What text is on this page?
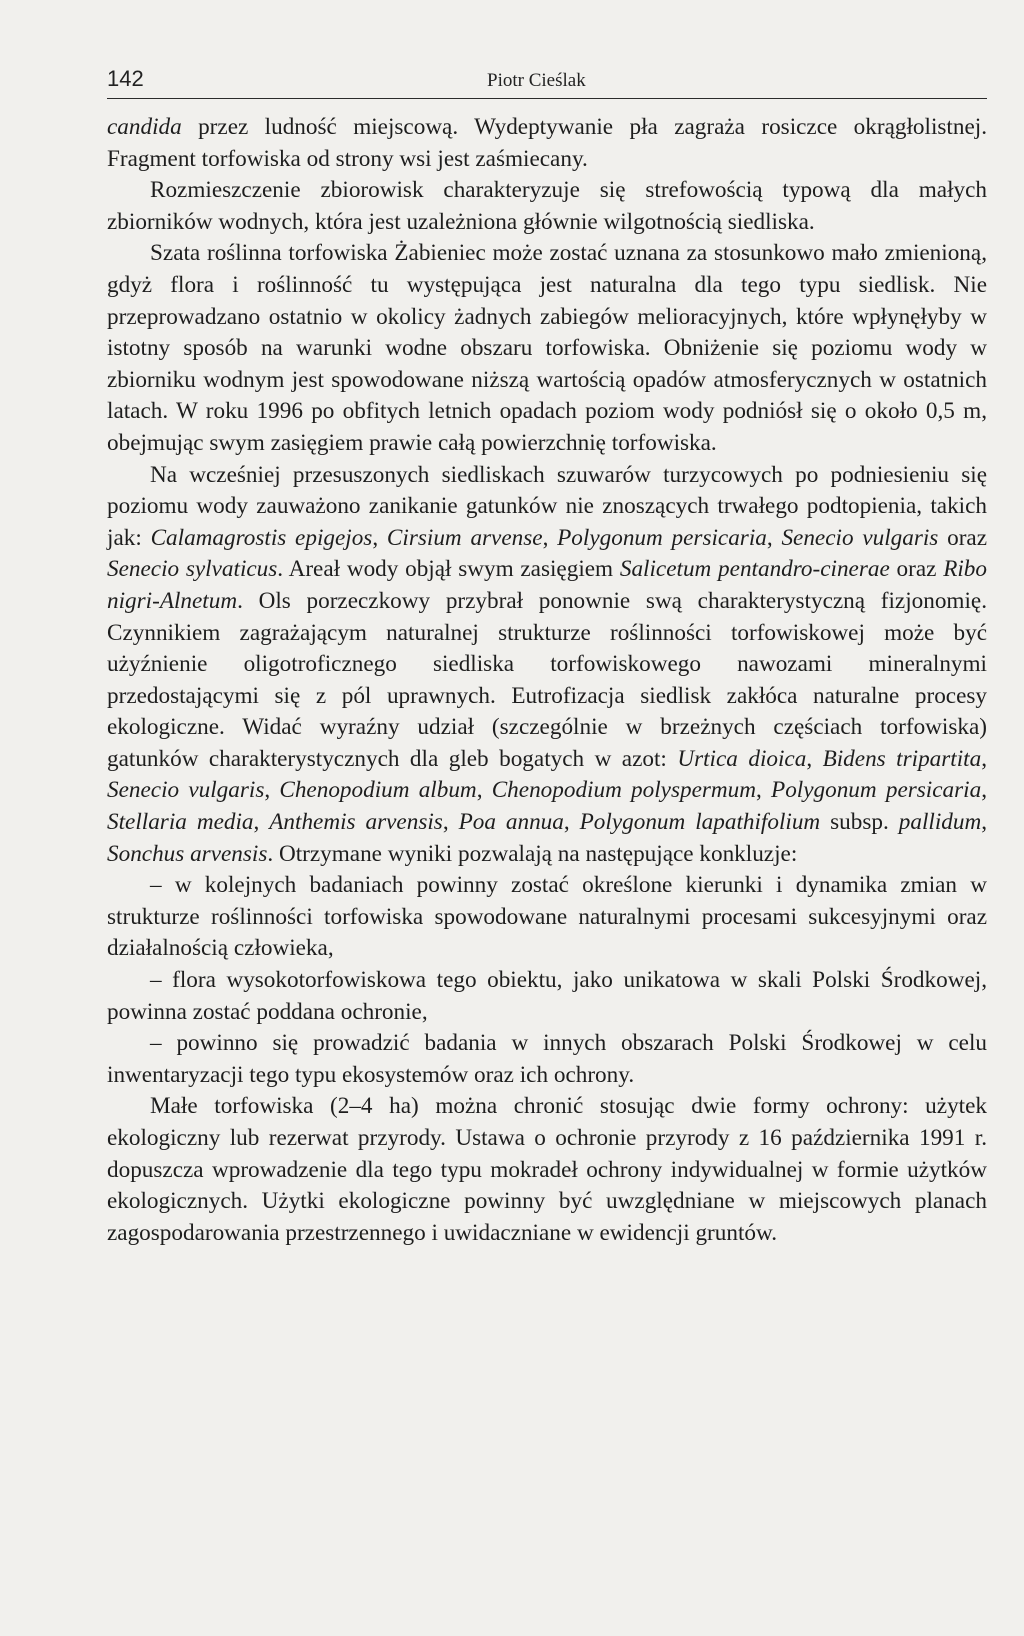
142	Piotr Cieślak

candida przez ludność miejscową. Wydeptywanie pła zagraża rosiczce okrągłolistnej. Fragment torfowiska od strony wsi jest zaśmiecany.

Rozmieszczenie zbiorowisk charakteryzuje się strefowością typową dla małych zbiorników wodnych, która jest uzależniona głównie wilgotnością siedliska.

Szata roślinna torfowiska Żabieniec może zostać uznana za stosunkowo mało zmienioną, gdyż flora i roślinność tu występująca jest naturalna dla tego typu siedlisk. Nie przeprowadzano ostatnio w okolicy żadnych zabiegów melioracyjnych, które wpłynęłyby w istotny sposób na warunki wodne obszaru torfowiska. Obniżenie się poziomu wody w zbiorniku wodnym jest spowodowane niższą wartością opadów atmosferycznych w ostatnich latach. W roku 1996 po obfitych letnich opadach poziom wody podniósł się o około 0,5 m, obejmując swym zasięgiem prawie całą powierzchnię torfowiska.

Na wcześniej przesuszonych siedliskach szuwarów turzycowych po podniesieniu się poziomu wody zauważono zanikanie gatunków nie znoszących trwałego podtopienia, takich jak: Calamagrostis epigejos, Cirsium arvense, Polygonum persicaria, Senecio vulgaris oraz Senecio sylvaticus. Areał wody objął swym zasięgiem Salicetum pentandro-cinerae oraz Ribo nigri-Alnetum. Ols porzeczkowy przybrał ponownie swą charakterystyczną fizjonomię. Czynnikiem zagrażającym naturalnej strukturze roślinności torfowiskowej może być użyźnienie oligotroficznego siedliska torfowiskowego nawozami mineralnymi przedostającymi się z pól uprawnych. Eutrofizacja siedlisk zakłóca naturalne procesy ekologiczne. Widać wyraźny udział (szczególnie w brzeżnych częściach torfowiska) gatunków charakterystycznych dla gleb bogatych w azot: Urtica dioica, Bidens tripartita, Senecio vulgaris, Chenopodium album, Chenopodium polyspermum, Polygonum persicaria, Stellaria media, Anthemis arvensis, Poa annua, Polygonum lapathifolium subsp. pallidum, Sonchus arvensis. Otrzymane wyniki pozwalają na następujące konkluzje:

– w kolejnych badaniach powinny zostać określone kierunki i dynamika zmian w strukturze roślinności torfowiska spowodowane naturalnymi procesami sukcesyjnymi oraz działalnością człowieka,

– flora wysokotorfowiskowa tego obiektu, jako unikatowa w skali Polski Środkowej, powinna zostać poddana ochronie,

– powinno się prowadzić badania w innych obszarach Polski Środkowej w celu inwentaryzacji tego typu ekosystemów oraz ich ochrony.

Małe torfowiska (2–4 ha) można chronić stosując dwie formy ochrony: użytek ekologiczny lub rezerwat przyrody. Ustawa o ochronie przyrody z 16 października 1991 r. dopuszcza wprowadzenie dla tego typu mokradeł ochrony indywidualnej w formie użytków ekologicznych. Użytki ekologiczne powinny być uwzględniane w miejscowych planach zagospodarowania przestrzennego i uwidaczniane w ewidencji gruntów.
